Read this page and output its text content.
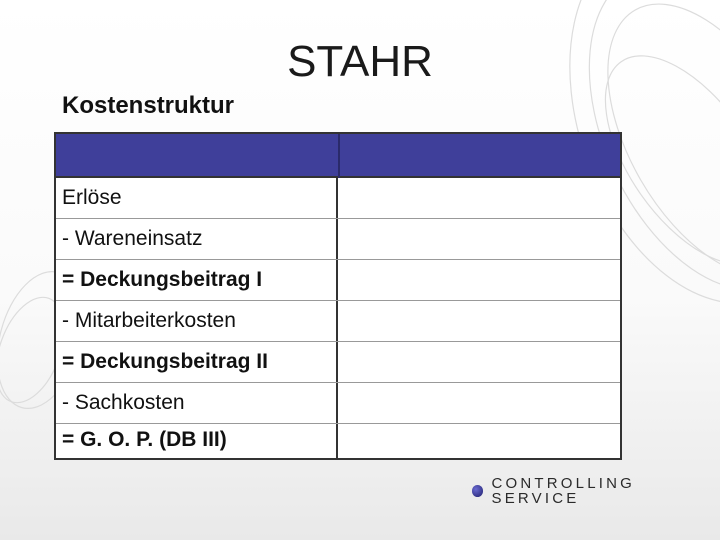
STAHR
Kostenstruktur
Erlöse
- Wareneinsatz
= Deckungsbeitrag I
- Mitarbeiterkosten
= Deckungsbeitrag II
- Sachkosten
= G. O. P. (DB III)
CONTROLLING SERVICE
